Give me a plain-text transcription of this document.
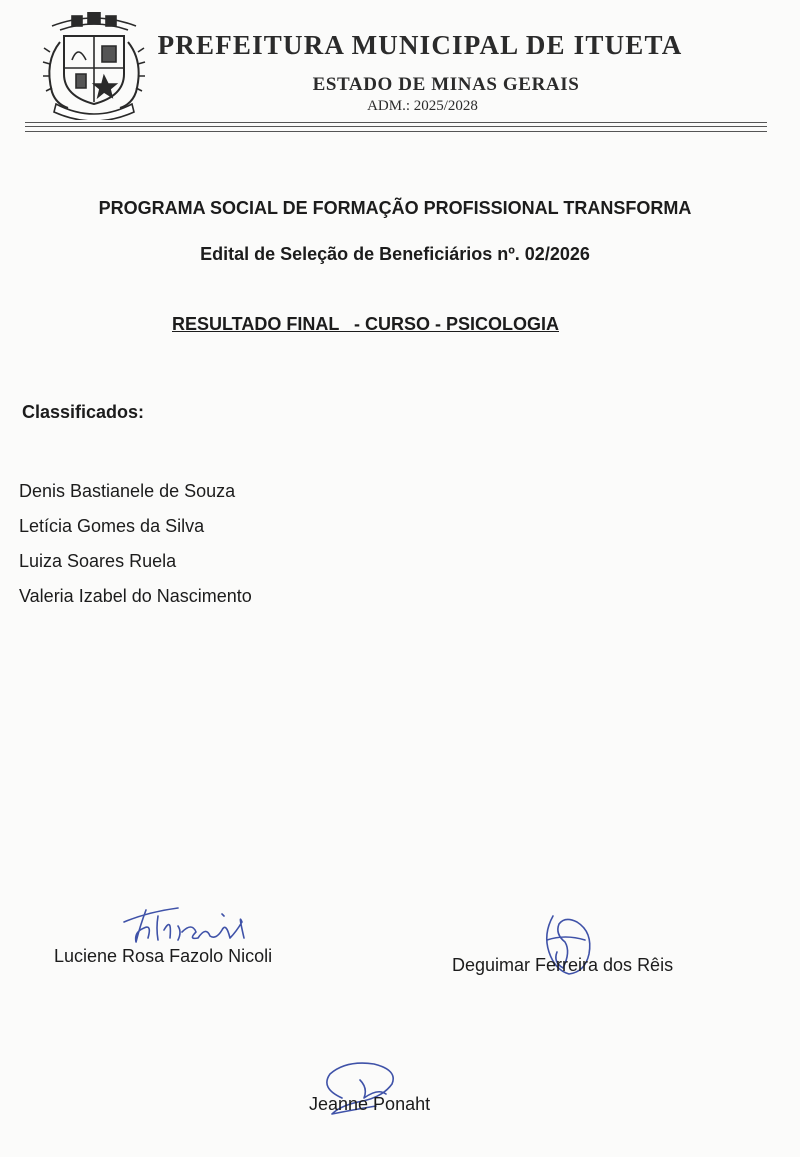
PREFEITURA MUNICIPAL DE ITUETA
ESTADO DE MINAS GERAIS
ADM.: 2025/2028
PROGRAMA SOCIAL DE FORMAÇÃO PROFISSIONAL TRANSFORMA
Edital de Seleção de Beneficiários nº. 02/2026
RESULTADO FINAL   - CURSO - PSICOLOGIA
Classificados:
Denis Bastianele de Souza
Letícia Gomes da Silva
Luiza Soares Ruela
Valeria Izabel do Nascimento
Luciene Rosa Fazolo Nicoli	Deguimar Ferreira dos Rêis
Jeanne Ponaht
